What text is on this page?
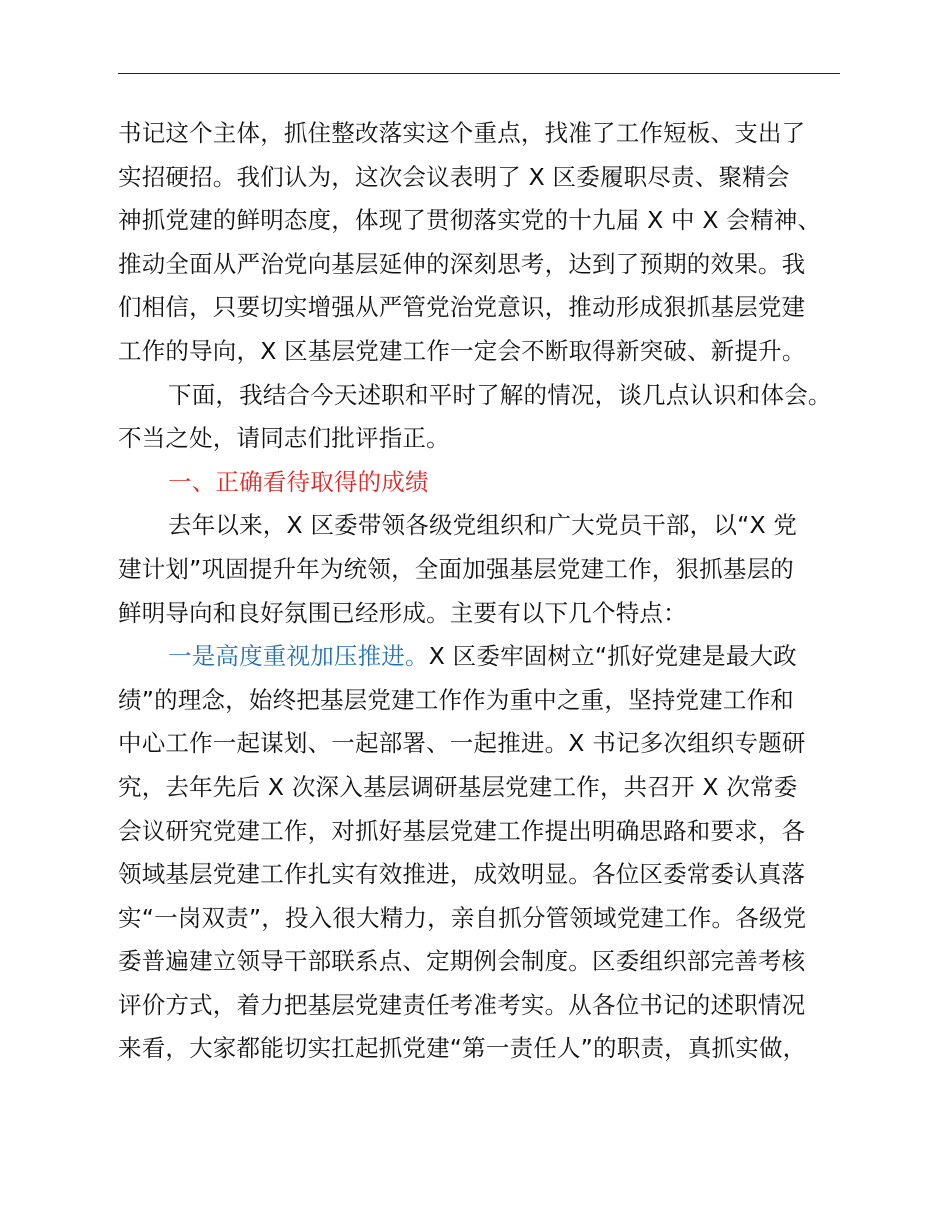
书记这个主体，抓住整改落实这个重点，找准了工作短板、支出了
实招硬招。我们认为，这次会议表明了 X 区委履职尽责、聚精会
神抓党建的鲜明态度，体现了贯彻落实党的十九届 X 中 X 会精神、
推动全面从严治党向基层延伸的深刻思考，达到了预期的效果。我
们相信，只要切实增强从严管党治党意识，推动形成狠抓基层党建
工作的导向，X 区基层党建工作一定会不断取得新突破、新提升。
下面，我结合今天述职和平时了解的情况，谈几点认识和体会。
不当之处，请同志们批评指正。
一、正确看待取得的成绩
去年以来，X 区委带领各级党组织和广大党员干部，以“X 党
建计划”巩固提升年为统领，全面加强基层党建工作，狠抓基层的
鲜明导向和良好氛围已经形成。主要有以下几个特点：
一是高度重视加压推进。X 区委牢固树立“抓好党建是最大政
绩”的理念，始终把基层党建工作作为重中之重，坚持党建工作和
中心工作一起谋划、一起部署、一起推进。X 书记多次组织专题研
究，去年先后 X 次深入基层调研基层党建工作，共召开 X 次常委
会议研究党建工作，对抓好基层党建工作提出明确思路和要求，各
领域基层党建工作扎实有效推进，成效明显。各位区委常委认真落
实“一岗双责”，投入很大精力，亲自抓分管领域党建工作。各级党
委普遍建立领导干部联系点、定期例会制度。区委组织部完善考核
评价方式，着力把基层党建责任考准考实。从各位书记的述职情况
来看，大家都能切实扛起抓党建“第一责任人”的职责，真抓实做，
